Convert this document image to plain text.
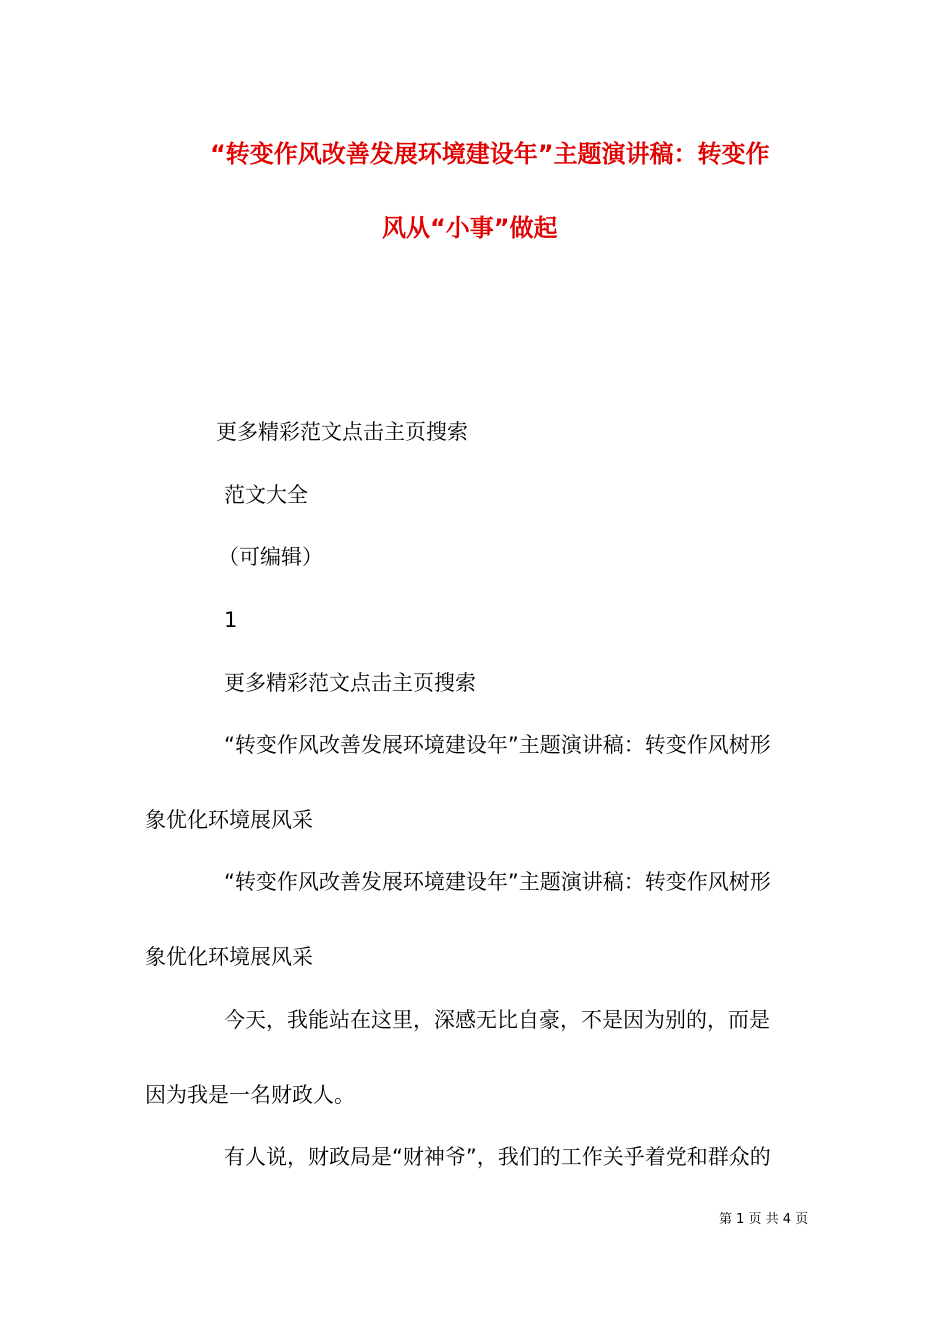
“转变作风改善发展环境建设年”主题演讲稿：转变作
风从“小事”做起
更多精彩范文点击主页搜索
范文大全
（可编辑）
1
更多精彩范文点击主页搜索
“转变作风改善发展环境建设年”主题演讲稿：转变作风树形
象优化环境展风采
“转变作风改善发展环境建设年”主题演讲稿：转变作风树形
象优化环境展风采
今天，我能站在这里，深感无比自豪，不是因为别的，而是
因为我是一名财政人。
有人说，财政局是“财神爷”，我们的工作关乎着党和群众的
第 1 页 共 4 页
